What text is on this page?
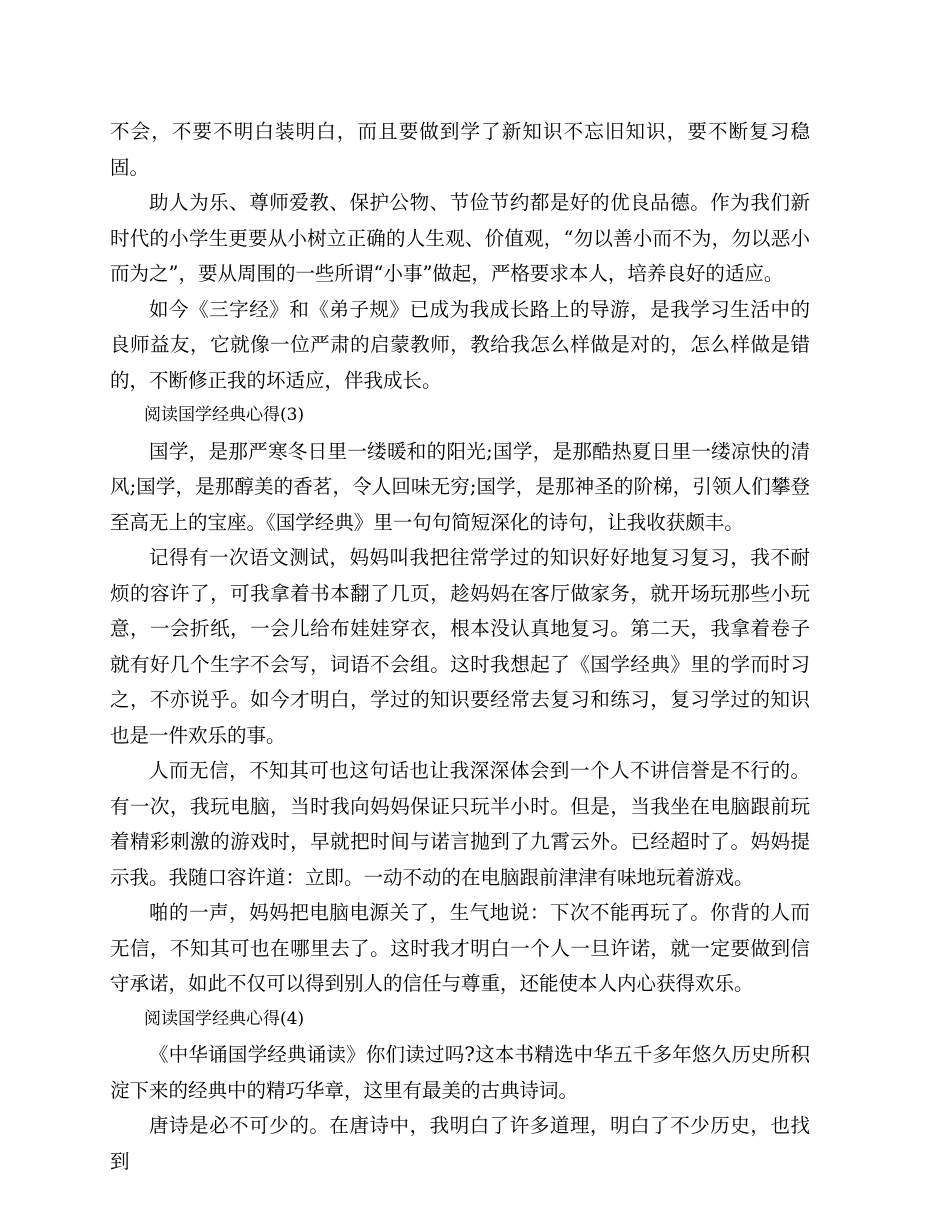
不会，不要不明白装明白，而且要做到学了新知识不忘旧知识，要不断复习稳固。

助人为乐、尊师爱教、保护公物、节俭节约都是好的优良品德。作为我们新时代的小学生更要从小树立正确的人生观、价值观，“勿以善小而不为，勿以恶小而为之”，要从周围的一些所谓“小事”做起，严格要求本人，培养良好的适应。

如今《三字经》和《弟子规》已成为我成长路上的导游，是我学习生活中的良师益友，它就像一位严肃的启蒙教师，教给我怎么样做是对的，怎么样做是错的，不断修正我的坏适应，伴我成长。

阅读国学经典心得(3)

国学，是那严寒冬日里一缕暖和的阳光;国学，是那酷热夏日里一缕凉快的清风;国学，是那醇美的香茗，令人回味无穷;国学，是那神圣的阶梯，引领人们攀登至高无上的宝座。《国学经典》里一句句简短深化的诗句，让我收获颇丰。

记得有一次语文测试，妈妈叫我把往常学过的知识好好地复习复习，我不耐烦的容许了，可我拿着书本翻了几页，趁妈妈在客厅做家务，就开场玩那些小玩意，一会折纸，一会儿给布娃娃穿衣，根本没认真地复习。第二天，我拿着卷子就有好几个生字不会写，词语不会组。这时我想起了《国学经典》里的学而时习之，不亦说乎。如今才明白，学过的知识要经常去复习和练习，复习学过的知识也是一件欢乐的事。

人而无信，不知其可也这句话也让我深深体会到一个人不讲信誉是不行的。有一次，我玩电脑，当时我向妈妈保证只玩半小时。但是，当我坐在电脑跟前玩着精彩刺激的游戏时，早就把时间与诺言抛到了九霄云外。已经超时了。妈妈提示我。我随口容许道：立即。一动不动的在电脑跟前津津有味地玩着游戏。

啪的一声，妈妈把电脑电源关了，生气地说：下次不能再玩了。你背的人而无信，不知其可也在哪里去了。这时我才明白一个人一旦许诺，就一定要做到信守承诺，如此不仅可以得到别人的信任与尊重，还能使本人内心获得欢乐。

阅读国学经典心得(4)

《中华诵国学经典诵读》你们读过吗?这本书精选中华五千多年悠久历史所积淀下来的经典中的精巧华章，这里有最美的古典诗词。

唐诗是必不可少的。在唐诗中，我明白了许多道理，明白了不少历史，也找到
